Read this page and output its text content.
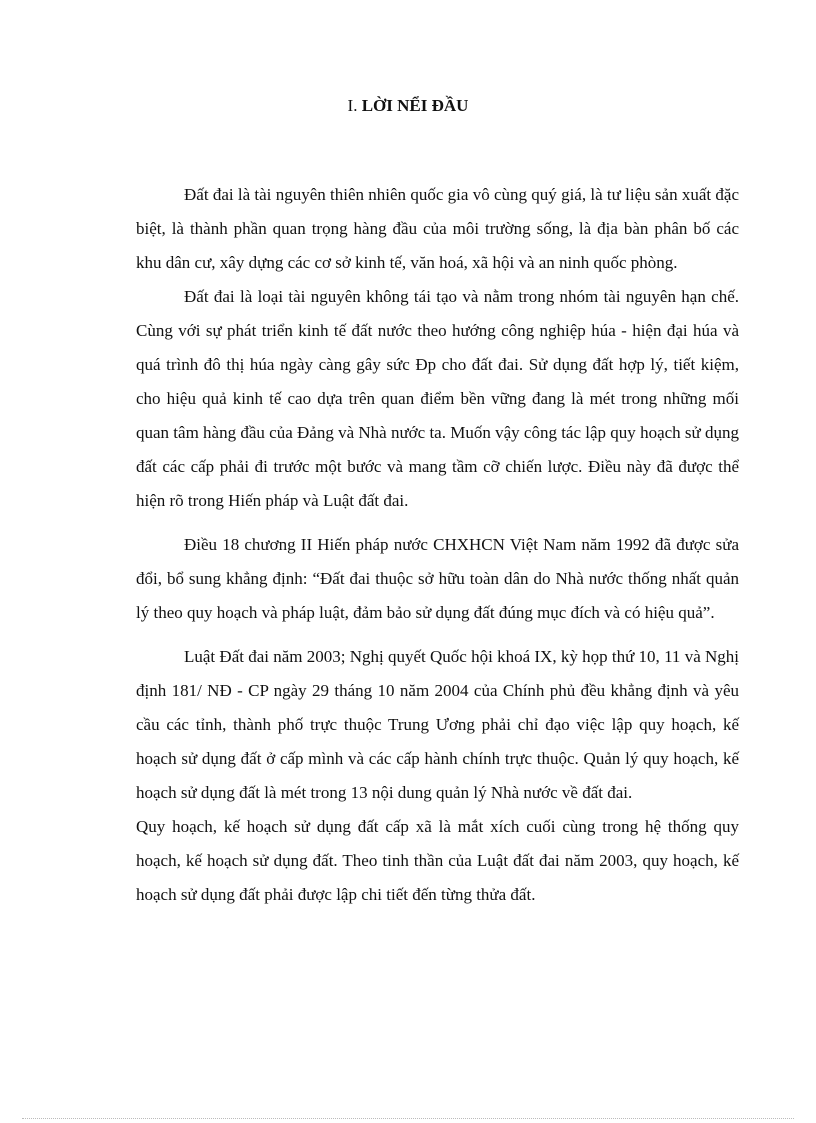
I. LỜI NỂI ĐẦU

Đất đai là tài nguyên thiên nhiên quốc gia vô cùng quý giá, là tư liệu sản xuất đặc biệt, là thành phần quan trọng hàng đầu của môi trường sống, là địa bàn phân bố các khu dân cư, xây dựng các cơ sở kinh tế, văn hoá, xã hội và an ninh quốc phòng.

Đất đai là loại tài nguyên không tái tạo và nằm trong nhóm tài nguyên hạn chế. Cùng với sự phát triển kinh tế đất nước theo hướng công nghiệp húa - hiện đại húa và quá trình đô thị húa ngày càng gây sức Ðp cho đất đai. Sử dụng đất hợp lý, tiết kiệm, cho hiệu quả kinh tế cao dựa trên quan điểm bền vững đang là mét trong những mối quan tâm hàng đầu của Đảng và Nhà nước ta. Muốn vậy công tác lập quy hoạch sử dụng đất các cấp phải đi trước một bước và mang tầm cỡ chiến lược. Điều này đã được thể hiện rõ trong Hiến pháp và Luật đất đai.

Điều 18 chương II Hiến pháp nước CHXHCN Việt Nam năm 1992 đã được sửa đổi, bổ sung khẳng định: “Đất đai thuộc sở hữu toàn dân do Nhà nước thống nhất quản lý theo quy hoạch và pháp luật, đảm bảo sử dụng đất đúng mục đích và có hiệu quả”.

Luật Đất đai năm 2003; Nghị quyết Quốc hội khoá IX, kỳ họp thứ 10, 11 và Nghị định 181/ NĐ - CP ngày 29 tháng 10 năm 2004 của Chính phủ đều khẳng định và yêu cầu các tỉnh, thành phố trực thuộc Trung Ương phải chỉ đạo việc lập quy hoạch, kế hoạch sử dụng đất ở cấp mình và các cấp hành chính trực thuộc. Quản lý quy hoạch, kế hoạch sử dụng đất là mét trong 13 nội dung quản lý Nhà nước về đất đai.

Quy hoạch, kế hoạch sử dụng đất cấp xã là mắt xích cuối cùng trong hệ thống quy hoạch, kế hoạch sử dụng đất. Theo tinh thần của Luật đất đai năm 2003, quy hoạch, kế hoạch sử dụng đất phải được lập chi tiết đến từng thửa đất.
